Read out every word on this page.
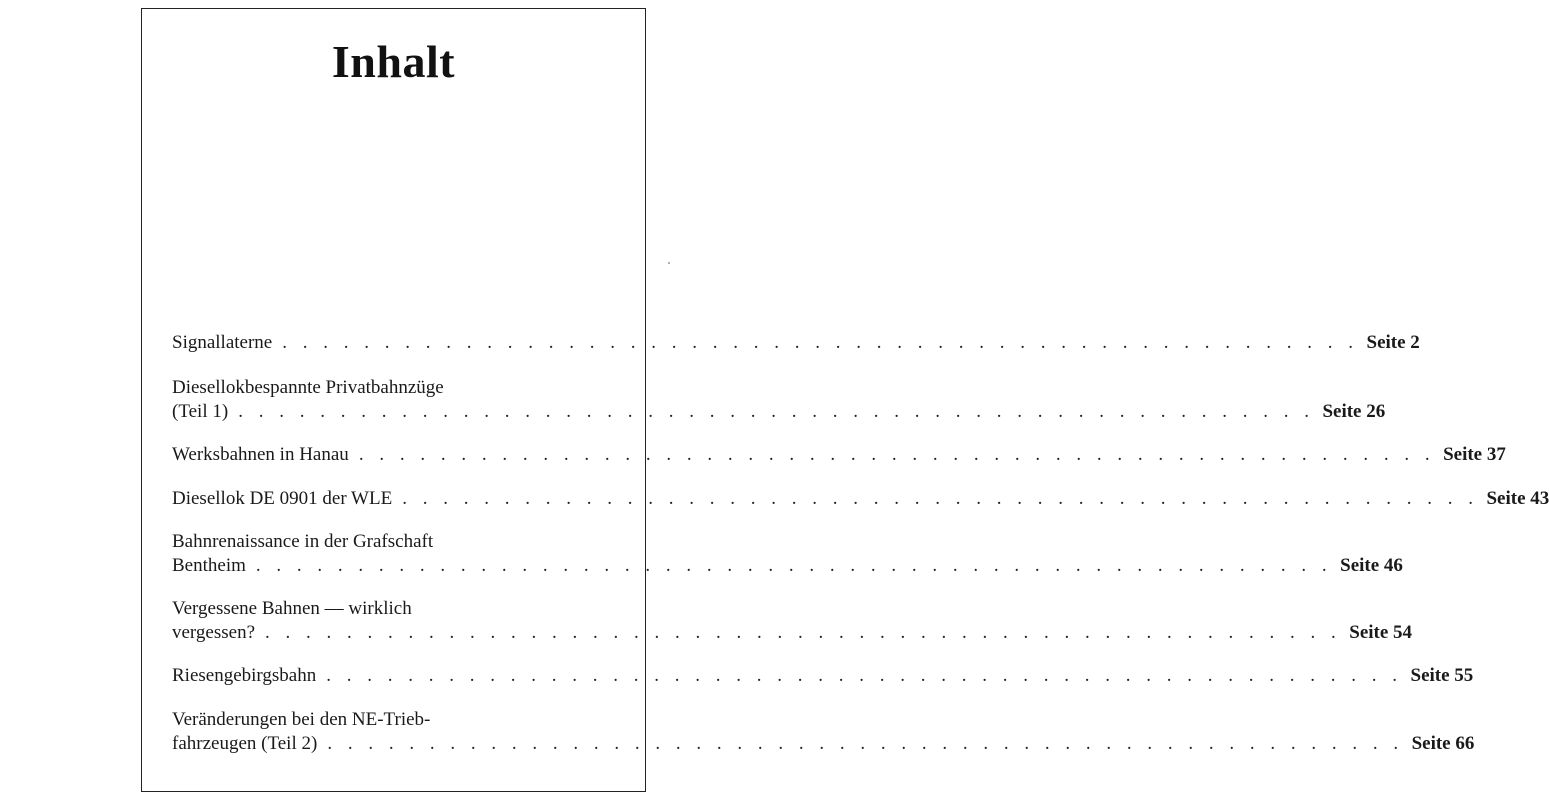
Inhalt
Signallaterne . . . . . . . . . . . . . . . . . . . . . . . . . . . . . . . . . . . . . . . . . . . . . . . . . . . . . Seite 2
Diesellokbespannte Privatbahnzüge
(Teil 1) . . . . . . . . . . . . . . . . . . . . . . . . . . . . . . . . . . . . . . . . . . . . . . . . . . . . . Seite 26
Werksbahnen in Hanau . . . . . . . . . . . . . . . . . . . . . . . . . . . . . . . . . . . . . . . . . . . . . . . . . . . . . Seite 37
Diesellok DE 0901 der WLE . . . . . . . . . . . . . . . . . . . . . . . . . . . . . . . . . . . . . . . . . . . . . . . . . . . . . Seite 43
Bahnrenaissance in der Grafschaft
Bentheim . . . . . . . . . . . . . . . . . . . . . . . . . . . . . . . . . . . . . . . . . . . . . . . . . . . . . Seite 46
Vergessene Bahnen — wirklich
vergessen? . . . . . . . . . . . . . . . . . . . . . . . . . . . . . . . . . . . . . . . . . . . . . . . . . . . . . Seite 54
Riesengebirgsbahn . . . . . . . . . . . . . . . . . . . . . . . . . . . . . . . . . . . . . . . . . . . . . . . . . . . . . Seite 55
Veränderungen bei den NE-Trieb-
fahrzeugen (Teil 2) . . . . . . . . . . . . . . . . . . . . . . . . . . . . . . . . . . . . . . . . . . . . . . . . . . . . . Seite 66
